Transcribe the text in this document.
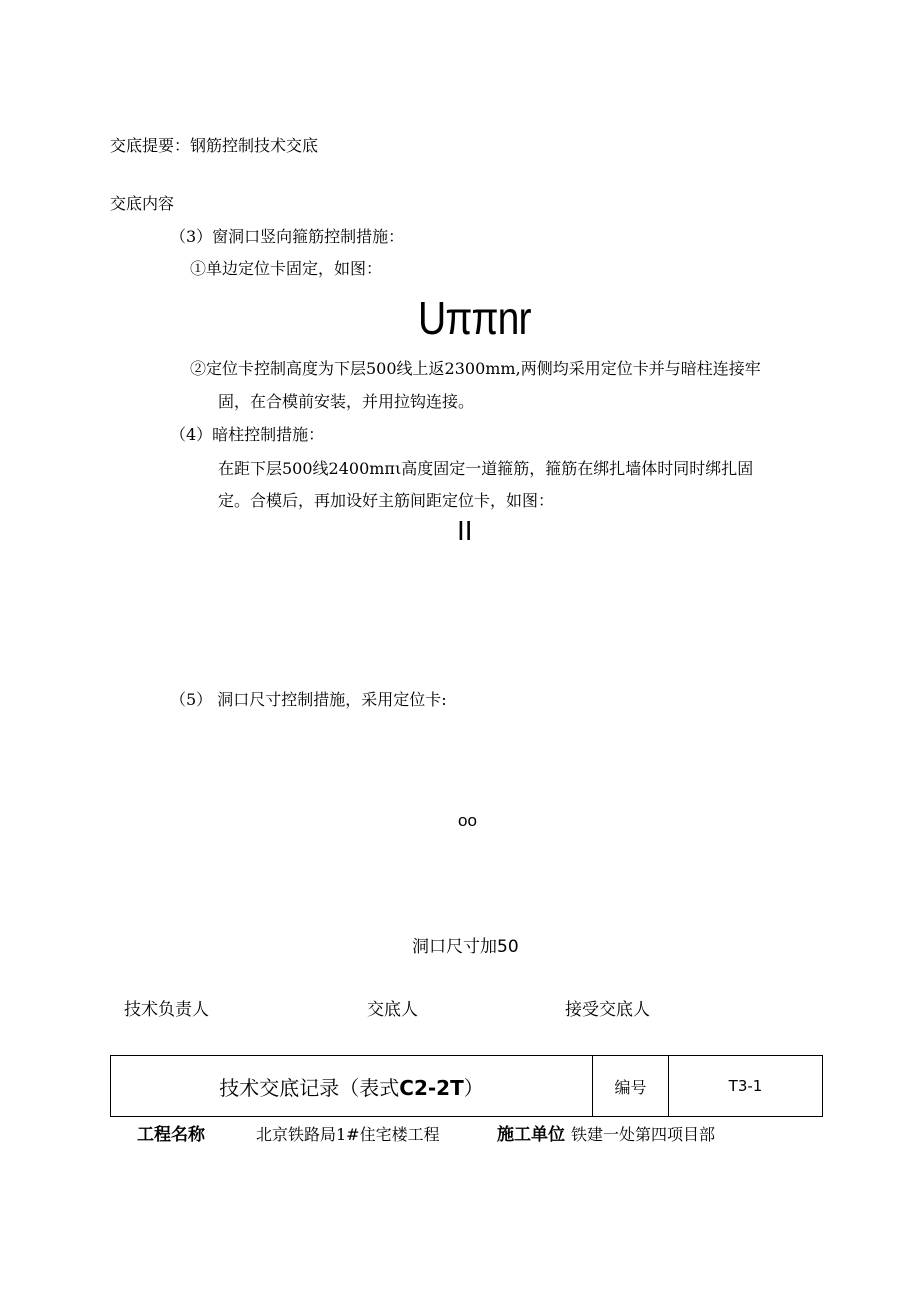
交底提要：钢筋控制技术交底
交底内容
（3）窗洞口竖向箍筋控制措施：
①单边定位卡固定，如图：
Uππnr
②定位卡控制高度为下层500线上返2300mm,两侧均采用定位卡并与暗柱连接牢
固，在合模前安装，并用拉钩连接。
（4）暗柱控制措施：
在距下层500线2400mπι高度固定一道箍筋，箍筋在绑扎墙体时同时绑扎固
定。合模后，再加设好主筋间距定位卡，如图：
II
（5） 洞口尺寸控制措施，采用定位卡:
oo
洞口尺寸加50
技术负责人	交底人	接受交底人
技术交底记录（表式C2-2T）	编号	T3-1
工程名称	北京铁路局1#住宅楼工程	施工单位 铁建一处第四项目部
